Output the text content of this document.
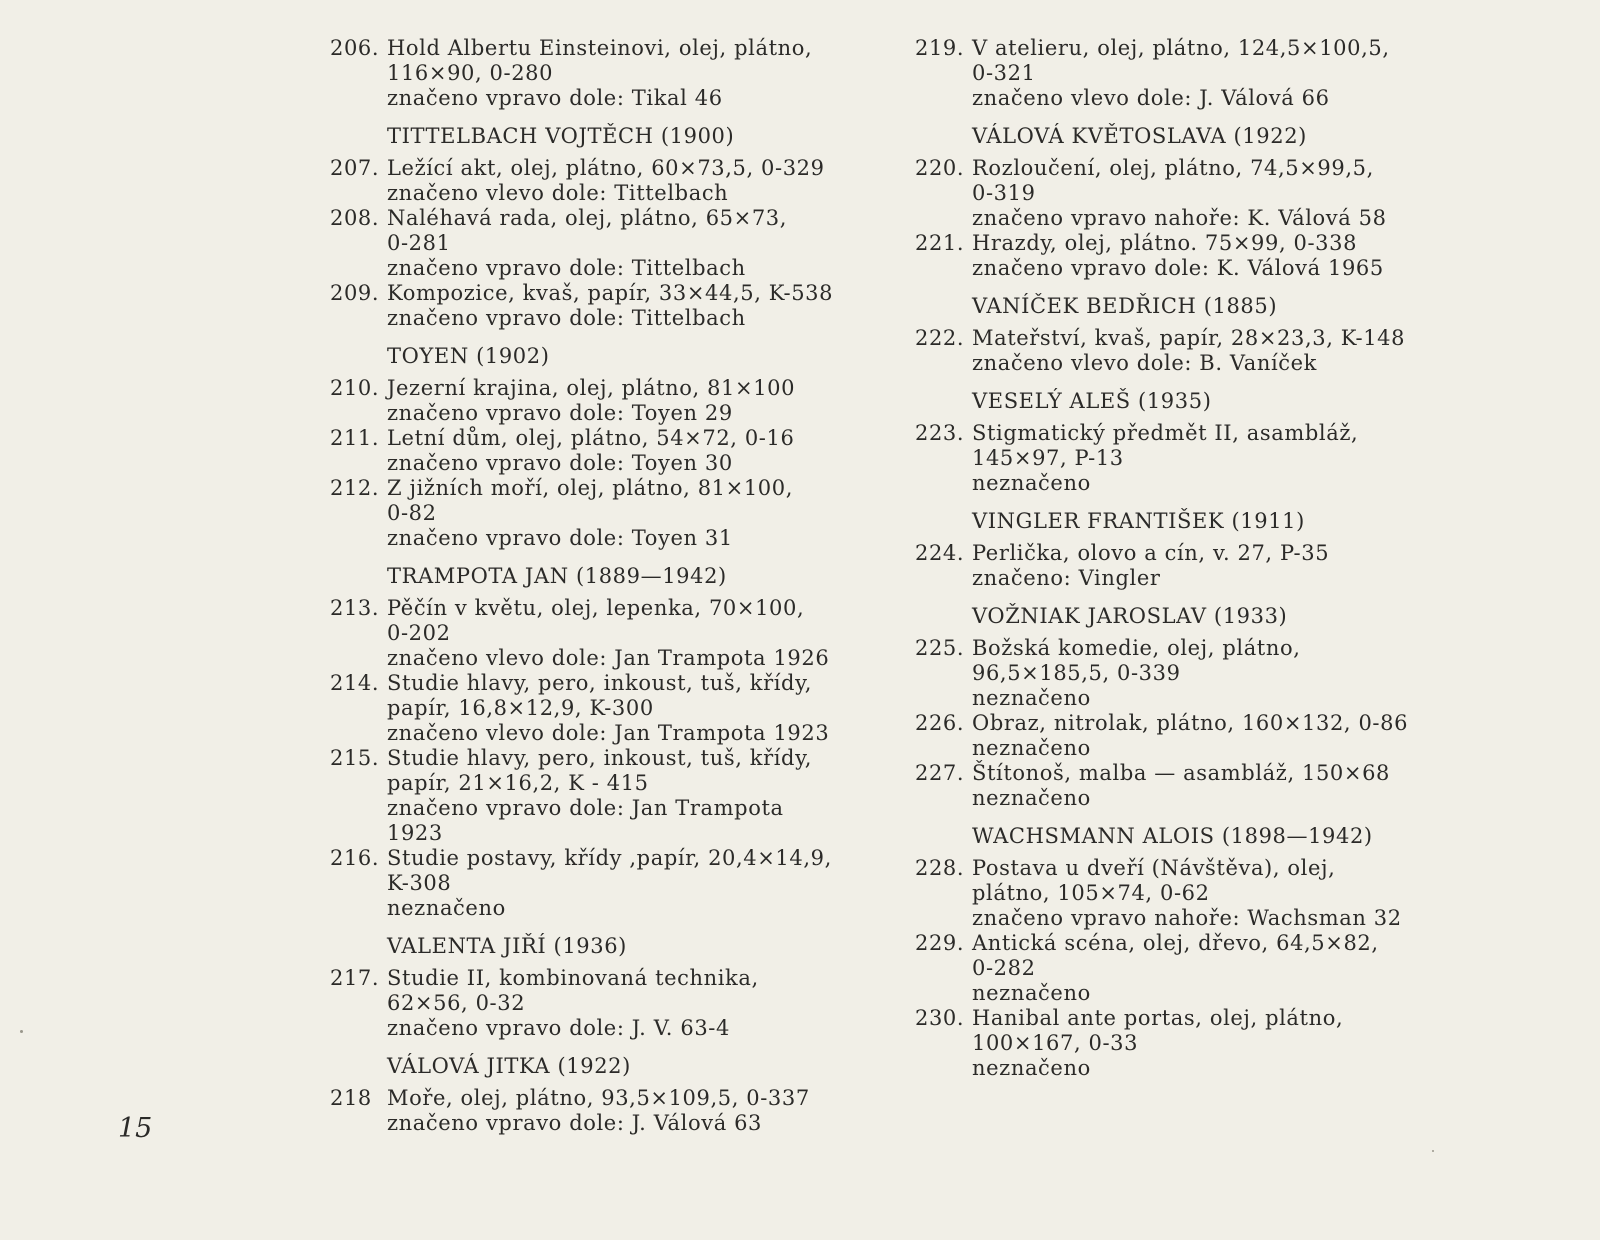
206. Hold Albertu Einsteinovi, olej, plátno,
116×90, 0-280
značeno vpravo dole: Tikal 46
TITTELBACH VOJTĚCH (1900)
207. Ležící akt, olej, plátno, 60×73,5, 0-329
značeno vlevo dole: Tittelbach
208. Naléhavá rada, olej, plátno, 65×73,
0-281
značeno vpravo dole: Tittelbach
209. Kompozice, kvaš, papír, 33×44,5, K-538
značeno vpravo dole: Tittelbach
TOYEN (1902)
210. Jezerní krajina, olej, plátno, 81×100
značeno vpravo dole: Toyen 29
211. Letní dům, olej, plátno, 54×72, 0-16
značeno vpravo dole: Toyen 30
212. Z jižních moří, olej, plátno, 81×100,
0-82
značeno vpravo dole: Toyen 31
TRAMPOTA JAN (1889—1942)
213. Pěčín v květu, olej, lepenka, 70×100,
0-202
značeno vlevo dole: Jan Trampota 1926
214. Studie hlavy, pero, inkoust, tuš, křídy,
papír, 16,8×12,9, K-300
značeno vlevo dole: Jan Trampota 1923
215. Studie hlavy, pero, inkoust, tuš, křídy,
papír, 21×16,2, K - 415
značeno vpravo dole: Jan Trampota
1923
216. Studie postavy, křídy ,papír, 20,4×14,9,
K-308
neznačeno
VALENTA JIŘÍ (1936)
217. Studie II, kombinovaná technika,
62×56, 0-32
značeno vpravo dole: J. V. 63-4
VÁLOVÁ JITKA (1922)
218 Moře, olej, plátno, 93,5×109,5, 0-337
značeno vpravo dole: J. Válová 63
219. V atelieru, olej, plátno, 124,5×100,5,
0-321
značeno vlevo dole: J. Válová 66
VÁLOVÁ KVĚTOSLAVA (1922)
220. Rozloučení, olej, plátno, 74,5×99,5,
0-319
značeno vpravo nahoře: K. Válová 58
221. Hrazdy, olej, plátno. 75×99, 0-338
značeno vpravo dole: K. Válová 1965
VANÍČEK BEDŘICH (1885)
222. Mateřství, kvaš, papír, 28×23,3, K-148
značeno vlevo dole: B. Vaníček
VESELÝ ALEŠ (1935)
223. Stigmatický předmět II, asambláž,
145×97, P-13
neznačeno
VINGLER FRANTIŠEK (1911)
224. Perlička, olovo a cín, v. 27, P-35
značeno: Vingler
VOŽNIAK JAROSLAV (1933)
225. Božská komedie, olej, plátno,
96,5×185,5, 0-339
neznačeno
226. Obraz, nitrolak, plátno, 160×132, 0-86
neznačeno
227. Štítonoš, malba — asambláž, 150×68
neznačeno
WACHSMANN ALOIS (1898—1942)
228. Postava u dveří (Návštěva), olej,
plátno, 105×74, 0-62
značeno vpravo nahoře: Wachsman 32
229. Antická scéna, olej, dřevo, 64,5×82,
0-282
neznačeno
230. Hanibal ante portas, olej, plátno,
100×167, 0-33
neznačeno
15
